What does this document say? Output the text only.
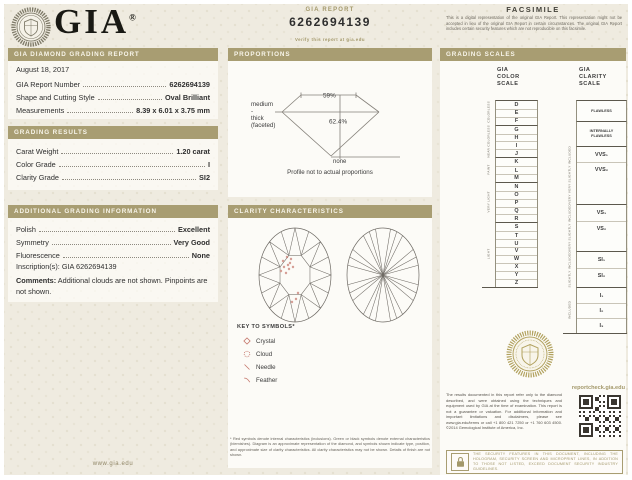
GIA®
GIA REPORT
6262694139
Verify this report at gia.edu
FACSIMILE
This is a digital representation of the original GIA Report. This representation might not be accepted in lieu of the original GIA Report in certain circumstances. The original GIA Report includes certain security features which are not reproducible on this facsimile.
GIA DIAMOND GRADING REPORT
August 18, 2017
GIA Report Number	6262694139
Shape and Cutting Style	Oval Brilliant
Measurements	8.39 x 6.01 x 3.75 mm
GRADING RESULTS
Carat Weight	1.20 carat
Color Grade	I
Clarity Grade	SI2
ADDITIONAL GRADING INFORMATION
Polish	Excellent
Symmetry	Very Good
Fluorescence	None
Inscription(s): GIA 6262694139
Comments: Additional clouds are not shown. Pinpoints are not shown.
www.gia.edu
PROPORTIONS
59%
62.4%
none
medium
-
thick
(faceted)
Profile not to actual proportions
CLARITY CHARACTERISTICS
KEY TO SYMBOLS*
Crystal
Cloud
Needle
Feather
* Red symbols denote internal characteristics (inclusions). Green or black symbols denote external characteristics (blemishes). Diagram is an approximate representation of the diamond, and symbols shown indicate type, position, and approximate size of clarity characteristics. All clarity characteristics may not be shown. Details of finish are not shown.
GRADING SCALES
GIA COLOR SCALE
GIA CLARITY SCALE
COLORLESS	D
E
F
NEAR COLORLESS	G
H
I
J
FAINT
K
L
M
VERY LIGHT
N
O
P
Q
R
LIGHT
S
T
U
V
W
X
Y
Z
FLAWLESS
INTERNALLY FLAWLESS
VERY VERY SLIGHTLY INCLUDED	VVS₁
VVS₂
VERY SLIGHTLY INCLUDED	VS₁
VS₂
SLIGHTLY INCLUDED	SI₁
SI₂
INCLUDED
I₁
I₂
I₃
reportcheck.gia.edu
The results documented in this report refer only to the diamond described, and were obtained using the techniques and equipment used by GIA at the time of examination. This report is not a guarantee or valuation. For additional information and important limitations and disclaimers, please see www.gia.edu/terms or call +1 800 421 7250 or +1 760 603 4500. ©2014 Gemological Institute of America, Inc.
THE SECURITY FEATURES IN THIS DOCUMENT, INCLUDING THE HOLOGRAM, SECURITY SCREEN AND MICROPRINT LINES, IN ADDITION TO THOSE NOT LISTED, EXCEED DOCUMENT SECURITY INDUSTRY GUIDELINES.
